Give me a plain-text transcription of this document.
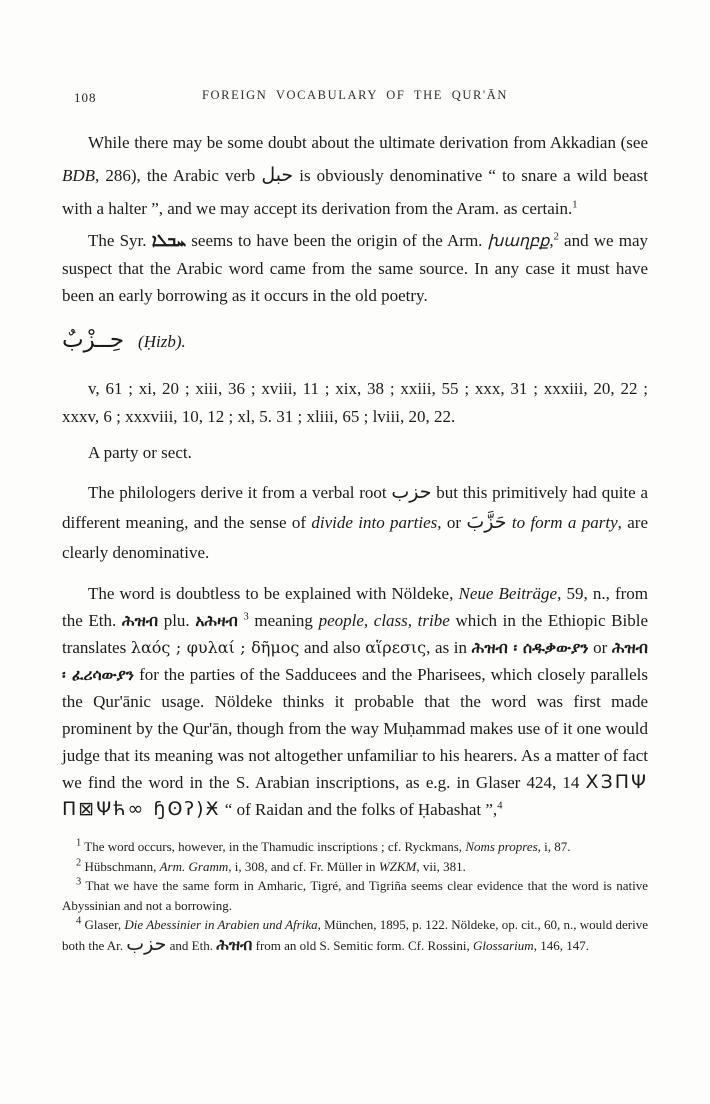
108	FOREIGN VOCABULARY OF THE QUR'ĀN

While there may be some doubt about the ultimate derivation from Akkadian (see BDB, 286), the Arabic verb حبل is obviously denominative “ to snare a wild beast with a halter ”, and we may accept its derivation from the Aram. as certain.$^1$

The Syr. ܚܒܠܐ seems to have been the origin of the Arm. խաղբք,$^2$ and we may suspect that the Arabic word came from the same source. In any case it must have been an early borrowing as it occurs in the old poetry.

حِــزْبٌ (Ḥizb).

v, 61 ; xi, 20 ; xiii, 36 ; xviii, 11 ; xix, 38 ; xxiii, 55 ; xxx, 31 ; xxxiii, 20, 22 ; xxxv, 6 ; xxxviii, 10, 12 ; xl, 5. 31 ; xliii, 65 ; lviii, 20, 22.

A party or sect.

The philologers derive it from a verbal root حزب but this primitively had quite a different meaning, and the sense of divide into parties, or حَزَّبَ to form a party, are clearly denominative.

The word is doubtless to be explained with Nöldeke, Neue Beiträge, 59, n., from the Eth. ሕዝብ plu. አሕዛብ $^3$ meaning people, class, tribe which in the Ethiopic Bible translates λαός ; φυλαί ; δῆμος and also αἵρεσις, as in ሕዝብ ፡ ሰዱቃውያን or ሕዝብ ፡ ፈሪሳውያን for the parties of the Sadducees and the Pharisees, which closely parallels the Qur'ānic usage. Nöldeke thinks it probable that the word was first made prominent by the Qur'ān, though from the way Muḥammad makes use of it one would judge that its meaning was not altogether unfamiliar to his hearers. As a matter of fact we find the word in the S. Arabian inscriptions, as e.g. in Glaser 424, 14 XЗΠΨ Π⊠Ψћ∞ ɧʘʔ)Ӿ “ of Raidan and the folks of Ḥabashat ”,$^4$

$^1$ The word occurs, however, in the Thamudic inscriptions ; cf. Ryckmans, Noms propres, i, 87.

$^2$ Hübschmann, Arm. Gramm, i, 308, and cf. Fr. Müller in WZKM, vii, 381.

$^3$ That we have the same form in Amharic, Tigré, and Tigriña seems clear evidence that the word is native Abyssinian and not a borrowing.

$^4$ Glaser, Die Abessinier in Arabien und Afrika, München, 1895, p. 122. Nöldeke, op. cit., 60, n., would derive both the Ar. حزب and Eth. ሕዝብ from an old S. Semitic form. Cf. Rossini, Glossarium, 146, 147.
